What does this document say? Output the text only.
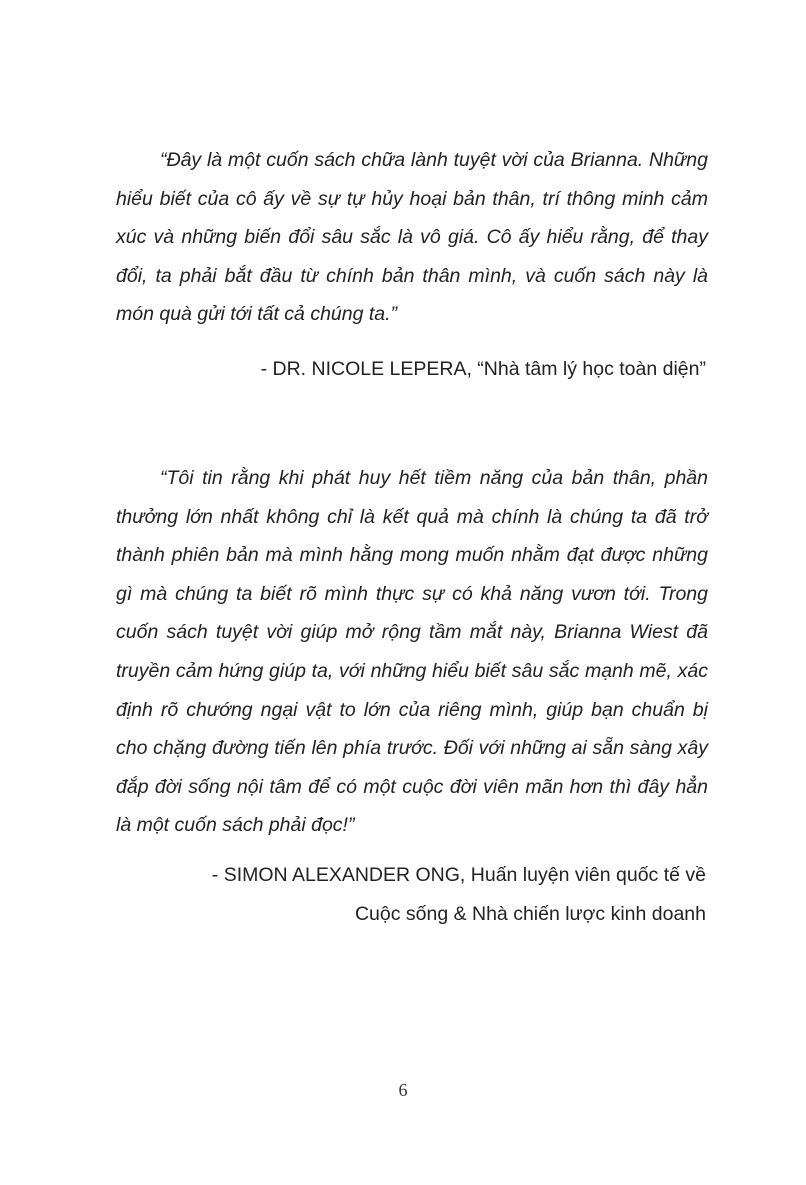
“Đây là một cuốn sách chữa lành tuyệt vời của Brianna. Những hiểu biết của cô ấy về sự tự hủy hoại bản thân, trí thông minh cảm xúc và những biến đổi sâu sắc là vô giá. Cô ấy hiểu rằng, để thay đổi, ta phải bắt đầu từ chính bản thân mình, và cuốn sách này là món quà gửi tới tất cả chúng ta.”

- DR. NICOLE LEPERA, “Nhà tâm lý học toàn diện”

“Tôi tin rằng khi phát huy hết tiềm năng của bản thân, phần thưởng lớn nhất không chỉ là kết quả mà chính là chúng ta đã trở thành phiên bản mà mình hằng mong muốn nhằm đạt được những gì mà chúng ta biết rõ mình thực sự có khả năng vươn tới. Trong cuốn sách tuyệt vời giúp mở rộng tầm mắt này, Brianna Wiest đã truyền cảm hứng giúp ta, với những hiểu biết sâu sắc mạnh mẽ, xác định rõ chướng ngại vật to lớn của riêng mình, giúp bạn chuẩn bị cho chặng đường tiến lên phía trước. Đối với những ai sẵn sàng xây đắp đời sống nội tâm để có một cuộc đời viên mãn hơn thì đây hẳn là một cuốn sách phải đọc!”

- SIMON ALEXANDER ONG, Huấn luyện viên quốc tế về
Cuộc sống & Nhà chiến lược kinh doanh

6
